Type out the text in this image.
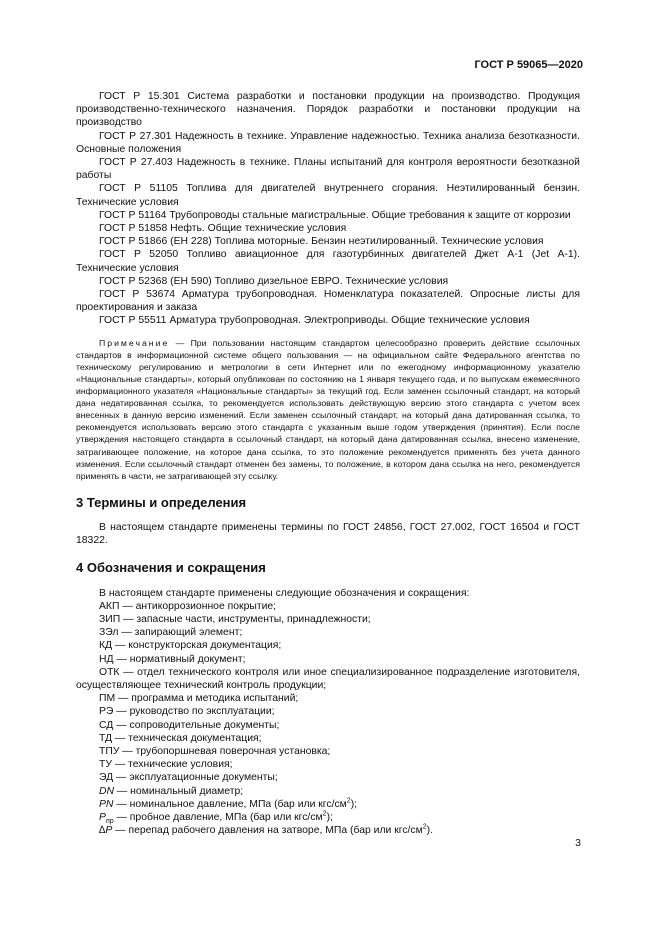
ГОСТ Р 59065—2020

ГОСТ Р 15.301 Система разработки и постановки продукции на производство. Продукция производственно-технического назначения. Порядок разработки и постановки продукции на производство

ГОСТ Р 27.301 Надежность в технике. Управление надежностью. Техника анализа безотказности. Основные положения

ГОСТ Р 27.403 Надежность в технике. Планы испытаний для контроля вероятности безотказной работы

ГОСТ Р 51105 Топлива для двигателей внутреннего сгорания. Неэтилированный бензин. Технические условия

ГОСТ Р 51164 Трубопроводы стальные магистральные. Общие требования к защите от коррозии

ГОСТ Р 51858 Нефть. Общие технические условия

ГОСТ Р 51866 (ЕН 228) Топлива моторные. Бензин неэтилированный. Технические условия

ГОСТ Р 52050 Топливо авиационное для газотурбинных двигателей Джет А-1 (Jet А-1). Технические условия

ГОСТ Р 52368 (ЕН 590) Топливо дизельное ЕВРО. Технические условия

ГОСТ Р 53674 Арматура трубопроводная. Номенклатура показателей. Опросные листы для проектирования и заказа

ГОСТ Р 55511 Арматура трубопроводная. Электроприводы. Общие технические условия

Примечание — При пользовании настоящим стандартом целесообразно проверить действие ссылочных стандартов в информационной системе общего пользования — на официальном сайте Федерального агентства по техническому регулированию и метрологии в сети Интернет или по ежегодному информационному указателю «Национальные стандарты», который опубликован по состоянию на 1 января текущего года, и по выпускам ежемесячного информационного указателя «Национальные стандарты» за текущий год. Если заменен ссылочный стандарт, на который дана недатированная ссылка, то рекомендуется использовать действующую версию этого стандарта с учетом всех внесенных в данную версию изменений. Если заменен ссылочный стандарт, на который дана датированная ссылка, то рекомендуется использовать версию этого стандарта с указанным выше годом утверждения (принятия). Если после утверждения настоящего стандарта в ссылочный стандарт, на который дана датированная ссылка, внесено изменение, затрагивающее положение, на которое дана ссылка, то это положение рекомендуется применять без учета данного изменения. Если ссылочный стандарт отменен без замены, то положение, в котором дана ссылка на него, рекомендуется применять в части, не затрагивающей эту ссылку.

3 Термины и определения

В настоящем стандарте применены термины по ГОСТ 24856, ГОСТ 27.002, ГОСТ 16504 и ГОСТ 18322.

4 Обозначения и сокращения

В настоящем стандарте применены следующие обозначения и сокращения:

АКП — антикоррозионное покрытие;

ЗИП — запасные части, инструменты, принадлежности;

ЗЭл — запирающий элемент;

КД — конструкторская документация;

НД — нормативный документ;

ОТК — отдел технического контроля или иное специализированное подразделение изготовителя, осуществляющее технический контроль продукции;

ПМ — программа и методика испытаний;

РЭ — руководство по эксплуатации;

СД — сопроводительные документы;

ТД — техническая документация;

ТПУ — трубопоршневая поверочная установка;

ТУ — технические условия;

ЭД — эксплуатационные документы;

DN — номинальный диаметр;

PN — номинальное давление, МПа (бар или кгс/$см^2$);

$P_{пр}$ — пробное давление, МПа (бар или кгс/$см^2$);

∆P — перепад рабочего давления на затворе, МПа (бар или кгс/$см^2$).

3
